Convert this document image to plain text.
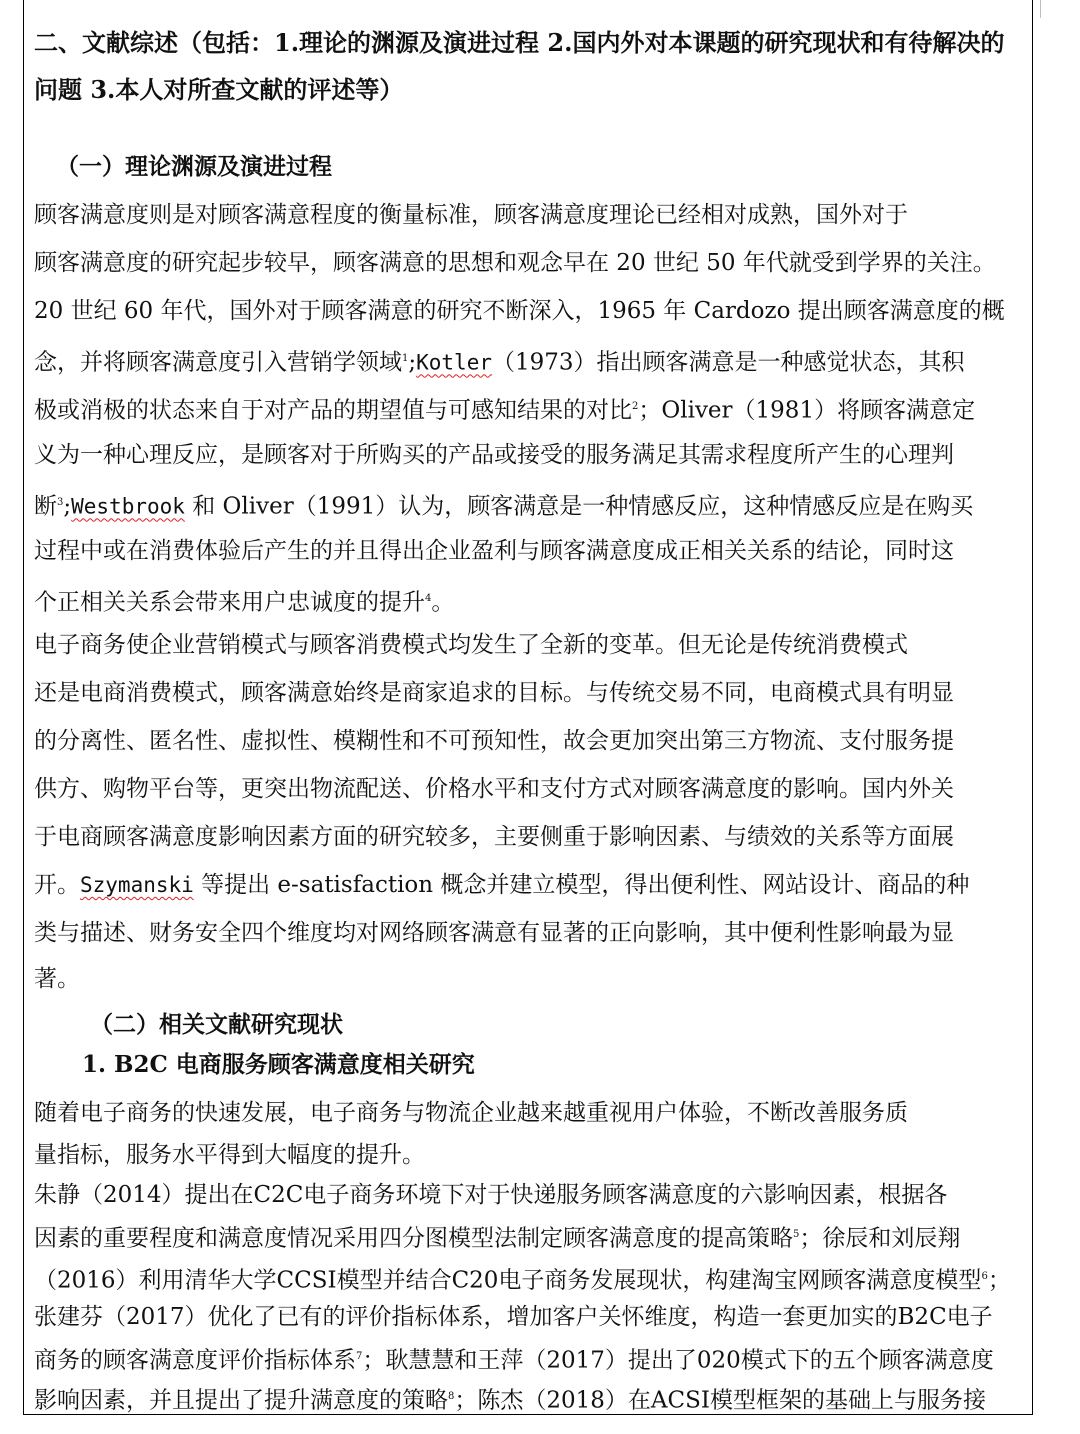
二、文献综述（包括：1.理论的渊源及演进过程 2.国内外对本课题的研究现状和有待解决的
问题 3.本人对所查文献的评述等）
（一）理论渊源及演进过程
顾客满意度则是对顾客满意程度的衡量标准，顾客满意度理论已经相对成熟，国外对于
顾客满意度的研究起步较早，顾客满意的思想和观念早在 20 世纪 50 年代就受到学界的关注。
20 世纪 60 年代，国外对于顾客满意的研究不断深入，1965 年 Cardozo 提出顾客满意度的概
念，并将顾客满意度引入营销学领域$^1$;Kotler（1973）指出顾客满意是一种感觉状态，其积
极或消极的状态来自于对产品的期望值与可感知结果的对比$^2$；Oliver（1981）将顾客满意定
义为一种心理反应，是顾客对于所购买的产品或接受的服务满足其需求程度所产生的心理判
断$^3$;Westbrook 和 Oliver（1991）认为，顾客满意是一种情感反应，这种情感反应是在购买
过程中或在消费体验后产生的并且得出企业盈利与顾客满意度成正相关关系的结论，同时这
个正相关关系会带来用户忠诚度的提升$^4$。
电子商务使企业营销模式与顾客消费模式均发生了全新的变革。但无论是传统消费模式
还是电商消费模式，顾客满意始终是商家追求的目标。与传统交易不同，电商模式具有明显
的分离性、匿名性、虚拟性、模糊性和不可预知性，故会更加突出第三方物流、支付服务提
供方、购物平台等，更突出物流配送、价格水平和支付方式对顾客满意度的影响。国内外关
于电商顾客满意度影响因素方面的研究较多，主要侧重于影响因素、与绩效的关系等方面展
开。Szymanski 等提出 e-satisfaction 概念并建立模型，得出便利性、网站设计、商品的种
类与描述、财务安全四个维度均对网络顾客满意有显著的正向影响，其中便利性影响最为显
著。
（二）相关文献研究现状
1. B2C 电商服务顾客满意度相关研究
随着电子商务的快速发展，电子商务与物流企业越来越重视用户体验，不断改善服务质
量指标，服务水平得到大幅度的提升。
朱静（2014）提出在C2C电子商务环境下对于快递服务顾客满意度的六影响因素，根据各
因素的重要程度和满意度情况采用四分图模型法制定顾客满意度的提高策略$^5$；徐辰和刘辰翔
（2016）利用清华大学CCSI模型并结合C20电子商务发展现状，构建淘宝网顾客满意度模型$^6$；
张建芬（2017）优化了已有的评价指标体系，增加客户关怀维度，构造一套更加实的B2C电子
商务的顾客满意度评价指标体系$^7$；耿慧慧和王萍（2017）提出了020模式下的五个顾客满意度
影响因素，并且提出了提升满意度的策略$^8$；陈杰（2018）在ACSI模型框架的基础上与服务接
